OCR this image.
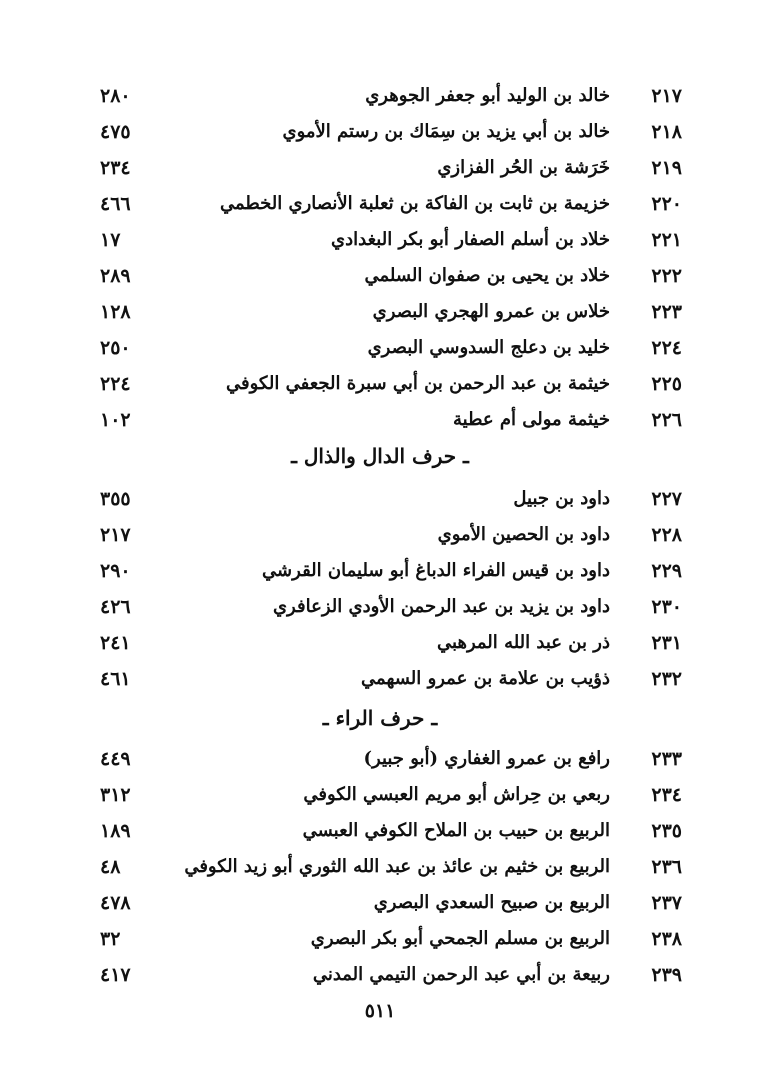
٢١٧
خالد بن الوليد أبو جعفر الجوهري
٢٨٠
٢١٨
خالد بن أبي يزيد بن سِمَاك بن رستم الأموي
٤٧٥
٢١٩
خَرَشة بن الحُر الفزازي
٢٣٤
٢٢٠
خزيمة بن ثابت بن الفاكة بن ثعلبة الأنصاري الخطمي
٤٦٦
٢٢١
خلاد بن أسلم الصفار أبو بكر البغدادي
١٧
٢٢٢
خلاد بن يحيى بن صفوان السلمي
٢٨٩
٢٢٣
خلاس بن عمرو الهجري البصري
١٢٨
٢٢٤
خليد بن دعلج السدوسي البصري
٢٥٠
٢٢٥
خيثمة بن عبد الرحمن بن أبي سبرة الجعفي الكوفي
٢٢٤
٢٢٦
خيثمة مولى أم عطية
١٠٢
ـ حرف الدال والذال ـ
٢٢٧
داود بن جبيل
٣٥٥
٢٢٨
داود بن الحصين الأموي
٢١٧
٢٢٩
داود بن قيس الفراء الدباغ أبو سليمان القرشي
٢٩٠
٢٣٠
داود بن يزيد بن عبد الرحمن الأودي الزعافري
٤٢٦
٢٣١
ذر بن عبد الله المرهبي
٢٤١
٢٣٢
ذؤيب بن علامة بن عمرو السهمي
٤٦١
ـ حرف الراء ـ
٢٣٣
رافع بن عمرو الغفاري (أبو جبير)
٤٤٩
٢٣٤
ربعي بن حِراش أبو مريم العبسي الكوفي
٣١٢
٢٣٥
الربيع بن حبيب بن الملاح الكوفي العبسي
١٨٩
٢٣٦
الربيع بن خثيم بن عائذ بن عبد الله الثوري أبو زيد الكوفي
٤٨
٢٣٧
الربيع بن صبيح السعدي البصري
٤٧٨
٢٣٨
الربيع بن مسلم الجمحي أبو بكر البصري
٣٢
٢٣٩
ربيعة بن أبي عبد الرحمن التيمي المدني
٤١٧
٥١١
